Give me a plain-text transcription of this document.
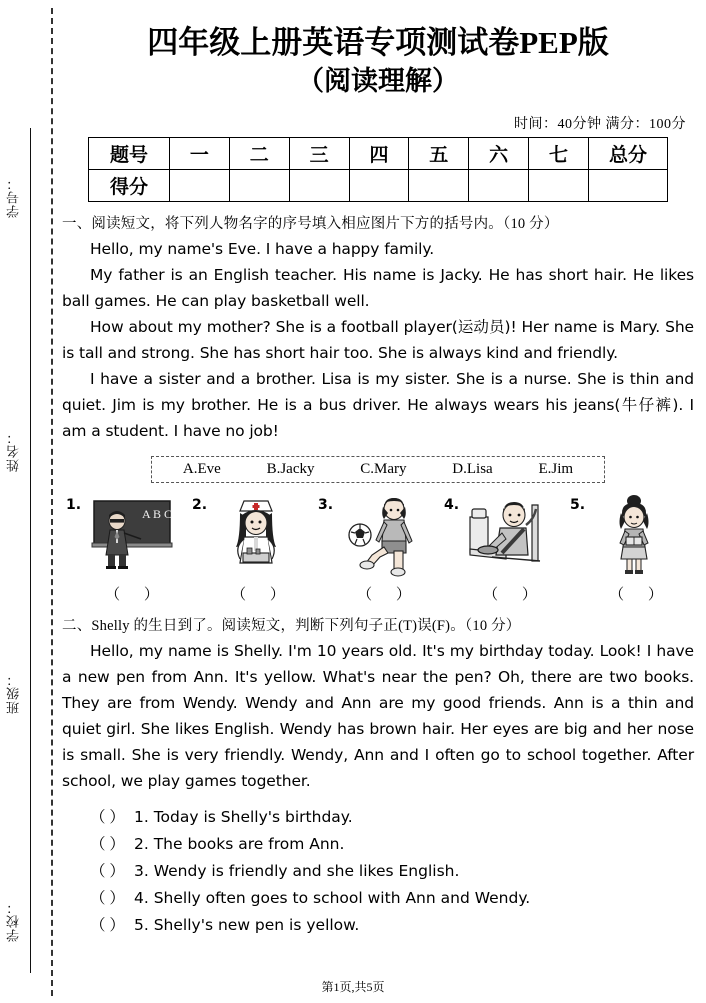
学号：
姓名：
班级：
学校：
四年级上册英语专项测试卷PEP版
（阅读理解）
时间：40分钟 满分：100分
题号	一	二	三	四	五	六	七	总分
得分								
一、阅读短文，将下列人物名字的序号填入相应图片下方的括号内。（10 分）

Hello, my name's Eve. I have a happy family.

My father is an English teacher. His name is Jacky. He has short hair. He likes ball games. He can play basketball well.

How about my mother? She is a football player(运动员)! Her name is Mary. She is tall and strong. She has short hair too. She is always kind and friendly.

I have a sister and a brother. Lisa is my sister. She is a nurse. She is thin and quiet. Jim is my brother. He is a bus driver. He always wears his jeans(牛仔裤). I am a student. I have no job!

A.Eve	B.Jacky	C.Mary	D.Lisa	E.Jim
1.
A B C
（ ）
2.
（ ）
3.
（ ）
4.
（ ）
5.
（ ）
二、Shelly 的生日到了。阅读短文，判断下列句子正(T)误(F)。（10 分）

Hello, my name is Shelly. I'm 10 years old. It's my birthday today. Look! I have a new pen from Ann. It's yellow. What's near the pen? Oh, there are two books. They are from Wendy. Wendy and Ann are my good friends. Ann is a thin and quiet girl. She likes English. Wendy has brown hair. Her eyes are big and her nose is small. She is very friendly. Wendy, Ann and I often go to school together. After school, we play games together.

（ ） 1. Today is Shelly's birthday.
（ ） 2. The books are from Ann.
（ ） 3. Wendy is friendly and she likes English.
（ ） 4. Shelly often goes to school with Ann and Wendy.
（ ） 5. Shelly's new pen is yellow.
第1页,共5页
